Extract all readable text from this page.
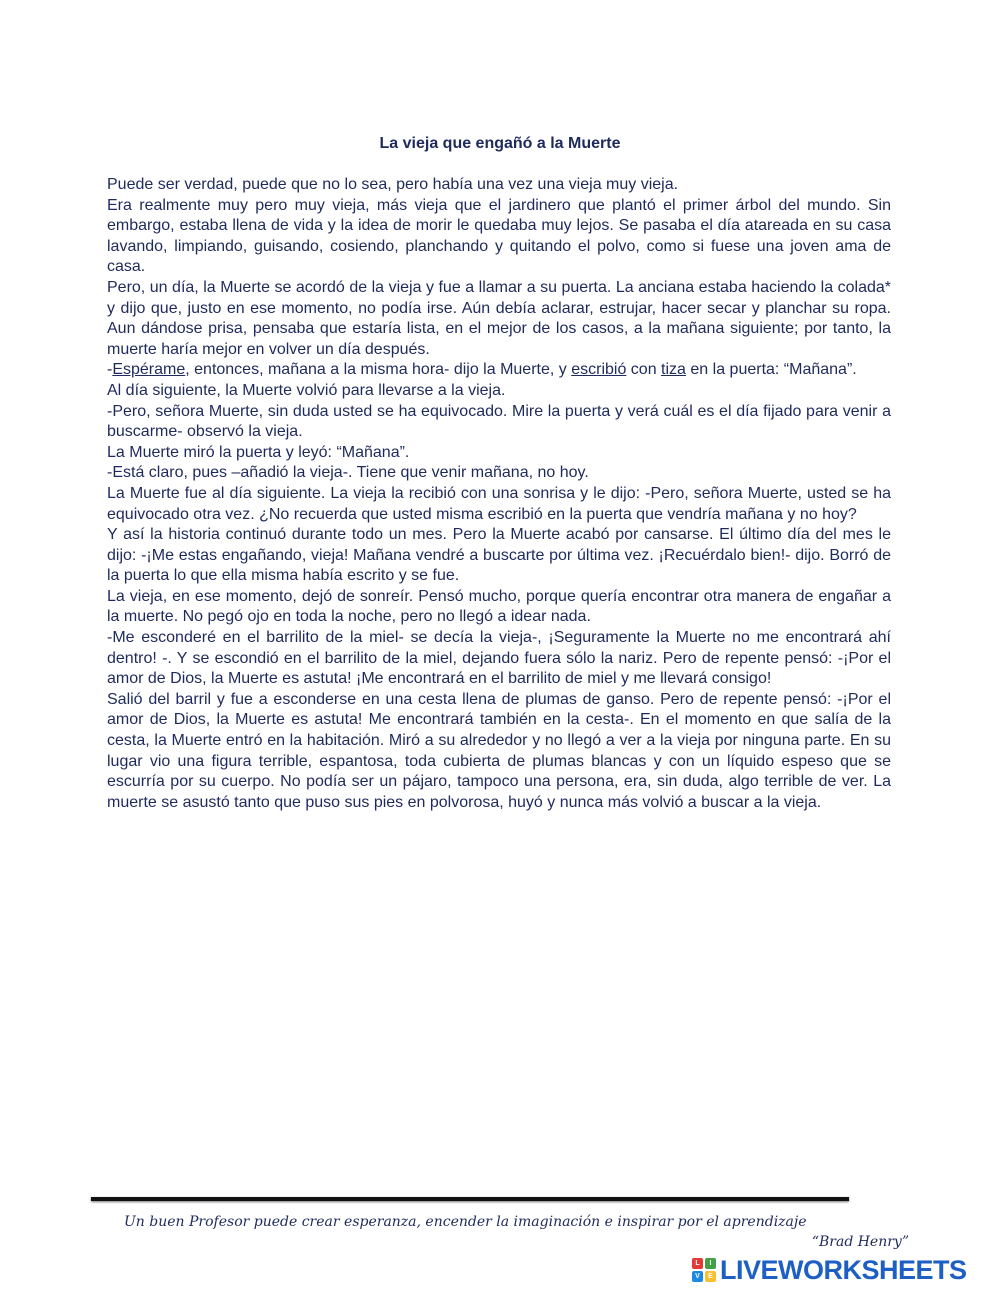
La vieja que engañó a la Muerte

Puede ser verdad, puede que no lo sea, pero había una vez una vieja muy vieja.

Era realmente muy pero muy vieja, más vieja que el jardinero que plantó el primer árbol del mundo. Sin embargo, estaba llena de vida y la idea de morir le quedaba muy lejos. Se pasaba el día atareada en su casa lavando, limpiando, guisando, cosiendo, planchando y quitando el polvo, como si fuese una joven ama de casa.

Pero, un día, la Muerte se acordó de la vieja y fue a llamar a su puerta. La anciana estaba haciendo la colada* y dijo que, justo en ese momento, no podía irse. Aún debía aclarar, estrujar, hacer secar y planchar su ropa. Aun dándose prisa, pensaba que estaría lista, en el mejor de los casos, a la mañana siguiente; por tanto, la muerte haría mejor en volver un día después.

-Espérame, entonces, mañana a la misma hora- dijo la Muerte, y escribió con tiza en la puerta: “Mañana”.

Al día siguiente, la Muerte volvió para llevarse a la vieja.

-Pero, señora Muerte, sin duda usted se ha equivocado. Mire la puerta y verá cuál es el día fijado para venir a buscarme- observó la vieja.

La Muerte miró la puerta y leyó: “Mañana”.

-Está claro, pues –añadió la vieja-. Tiene que venir mañana, no hoy.

La Muerte fue al día siguiente. La vieja la recibió con una sonrisa y le dijo: -Pero, señora Muerte, usted se ha equivocado otra vez. ¿No recuerda que usted misma escribió en la puerta que vendría mañana y no hoy?

Y así la historia continuó durante todo un mes. Pero la Muerte acabó por cansarse. El último día del mes le dijo: -¡Me estas engañando, vieja! Mañana vendré a buscarte por última vez. ¡Recuérdalo bien!- dijo. Borró de la puerta lo que ella misma había escrito y se fue.

La vieja, en ese momento, dejó de sonreír. Pensó mucho, porque quería encontrar otra manera de engañar a la muerte. No pegó ojo en toda la noche, pero no llegó a idear nada.

-Me esconderé en el barrilito de la miel- se decía la vieja-, ¡Seguramente la Muerte no me encontrará ahí dentro! -. Y se escondió en el barrilito de la miel, dejando fuera sólo la nariz. Pero de repente pensó: -¡Por el amor de Dios, la Muerte es astuta! ¡Me encontrará en el barrilito de miel y me llevará consigo!

Salió del barril y fue a esconderse en una cesta llena de plumas de ganso. Pero de repente pensó: -¡Por el amor de Dios, la Muerte es astuta! Me encontrará también en la cesta-. En el momento en que salía de la cesta, la Muerte entró en la habitación. Miró a su alrededor y no llegó a ver a la vieja por ninguna parte. En su lugar vio una figura terrible, espantosa, toda cubierta de plumas blancas y con un líquido espeso que se escurría por su cuerpo. No podía ser un pájaro, tampoco una persona, era, sin duda, algo terrible de ver. La muerte se asustó tanto que puso sus pies en polvorosa, huyó y nunca más volvió a buscar a la vieja.

Un buen Profesor puede crear esperanza, encender la imaginación e inspirar por el aprendizaje

“Brad Henry”

L	I
V	E LIVEWORKSHEETS
